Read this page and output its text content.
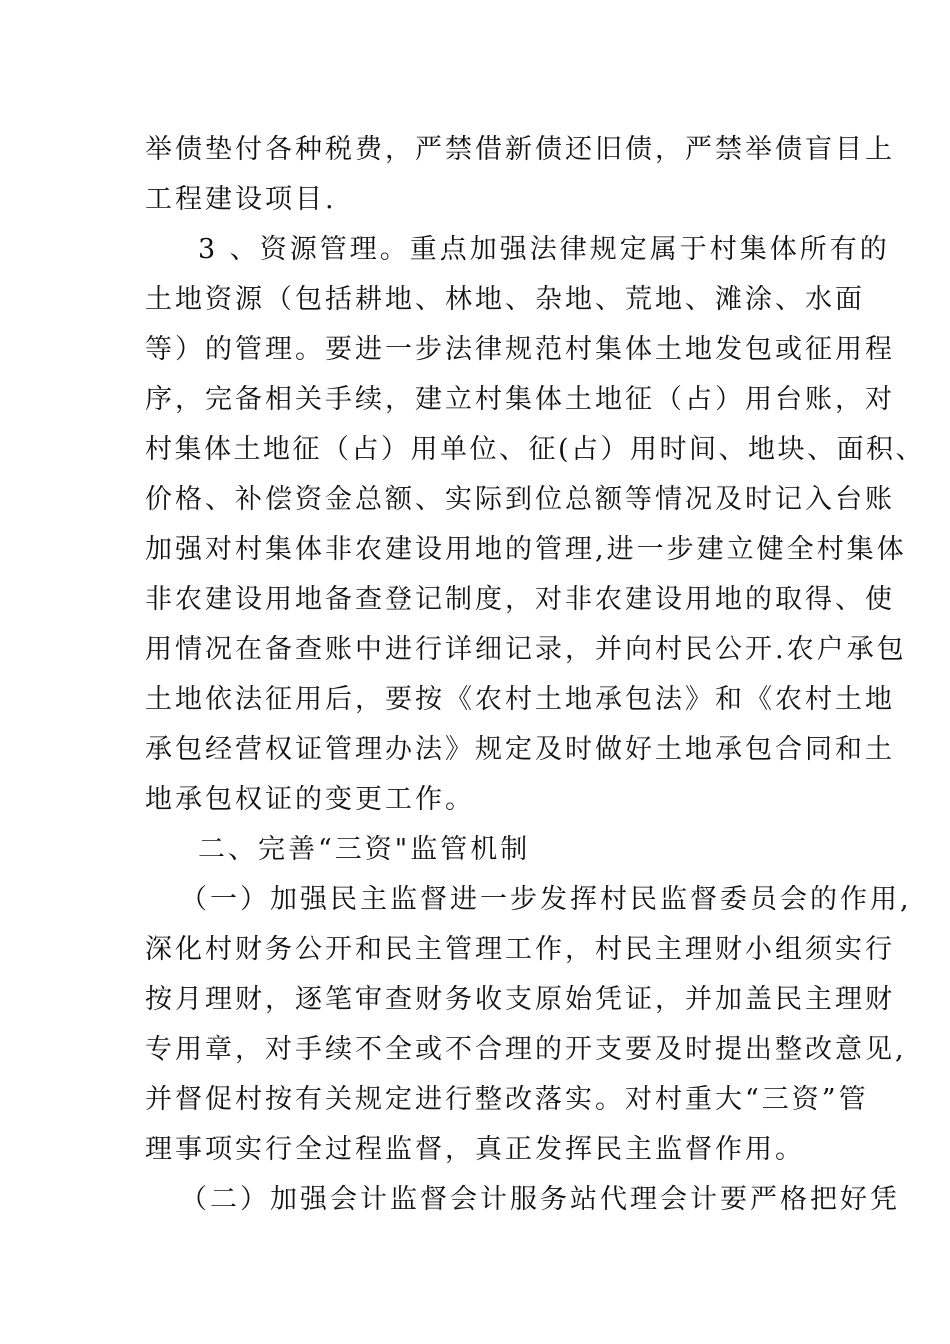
举债垫付各种税费，严禁借新债还旧债，严禁举债盲目上
工程建设项目.
3 、资源管理。重点加强法律规定属于村集体所有的
土地资源（包括耕地、林地、杂地、荒地、滩涂、水面
等）的管理。要进一步法律规范村集体土地发包或征用程
序，完备相关手续，建立村集体土地征（占）用台账，对
村集体土地征（占）用单位、征(占）用时间、地块、面积、
价格、补偿资金总额、实际到位总额等情况及时记入台账
加强对村集体非农建设用地的管理,进一步建立健全村集体
非农建设用地备查登记制度，对非农建设用地的取得、使
用情况在备查账中进行详细记录，并向村民公开.农户承包
土地依法征用后，要按《农村土地承包法》和《农村土地
承包经营权证管理办法》规定及时做好土地承包合同和土
地承包权证的变更工作。
二、完善“三资"监管机制
（一）加强民主监督进一步发挥村民监督委员会的作用,
深化村财务公开和民主管理工作，村民主理财小组须实行
按月理财，逐笔审查财务收支原始凭证，并加盖民主理财
专用章，对手续不全或不合理的开支要及时提出整改意见,
并督促村按有关规定进行整改落实。对村重大“三资”管
理事项实行全过程监督，真正发挥民主监督作用。
（二）加强会计监督会计服务站代理会计要严格把好凭
